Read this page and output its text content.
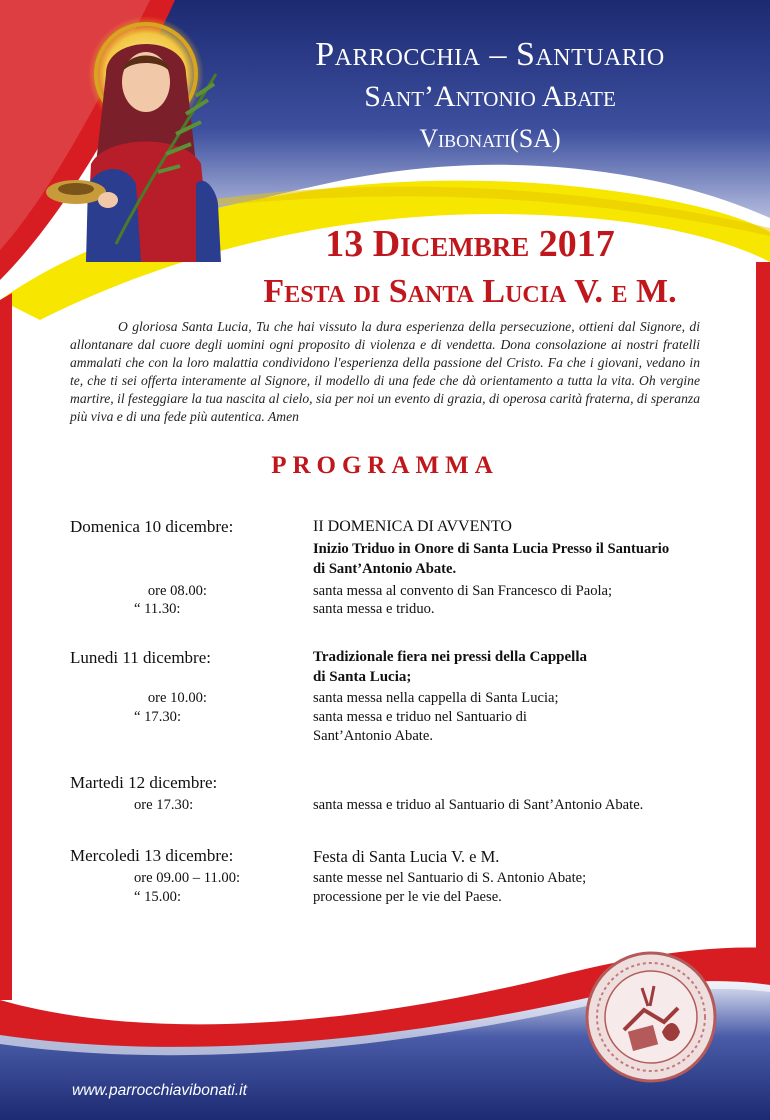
Parrocchia – Santuario
Sant’Antonio Abate
Vibonati(SA)
13 Dicembre 2017
Festa di Santa Lucia V. e M.
O gloriosa Santa Lucia, Tu che hai vissuto la dura esperienza della persecuzione, ottieni dal Signore, di allontanare dal cuore degli uomini ogni proposito di violenza e di vendetta. Dona consolazione ai nostri fratelli ammalati che con la loro malattia condividono l'esperienza della passione del Cristo. Fa che i giovani, vedano in te, che ti sei offerta interamente al Signore, il modello di una fede che dà orientamento a tutta la vita. Oh vergine martire, il festeggiare la tua nascita al cielo, sia per noi un evento di grazia, di operosa carità fraterna, di speranza più viva e di una fede più autentica. Amen
PROGRAMMA
Domenica 10 dicembre:	II DOMENICA DI AVVENTO
Inizio Triduo in Onore di Santa Lucia Presso il Santuario
di Sant’Antonio Abate.
ore 08.00:	santa messa al convento di San Francesco di Paola;
“ 11.30:	santa messa e triduo.
Lunedi 11 dicembre:	Tradizionale fiera nei pressi della Cappella
di Santa Lucia;
ore 10.00:	santa messa nella cappella di Santa Lucia;
“ 17.30:	santa messa e triduo nel Santuario di
Sant’Antonio Abate.
Martedi 12 dicembre:
ore 17.30:	santa messa e triduo al Santuario di Sant’Antonio Abate.
Mercoledi 13 dicembre:	Festa di Santa Lucia V. e M.
ore 09.00 – 11.00:	sante messe nel Santuario di S. Antonio Abate;
“ 15.00:	processione per le vie del Paese.
www.parrocchiavibonati.it
